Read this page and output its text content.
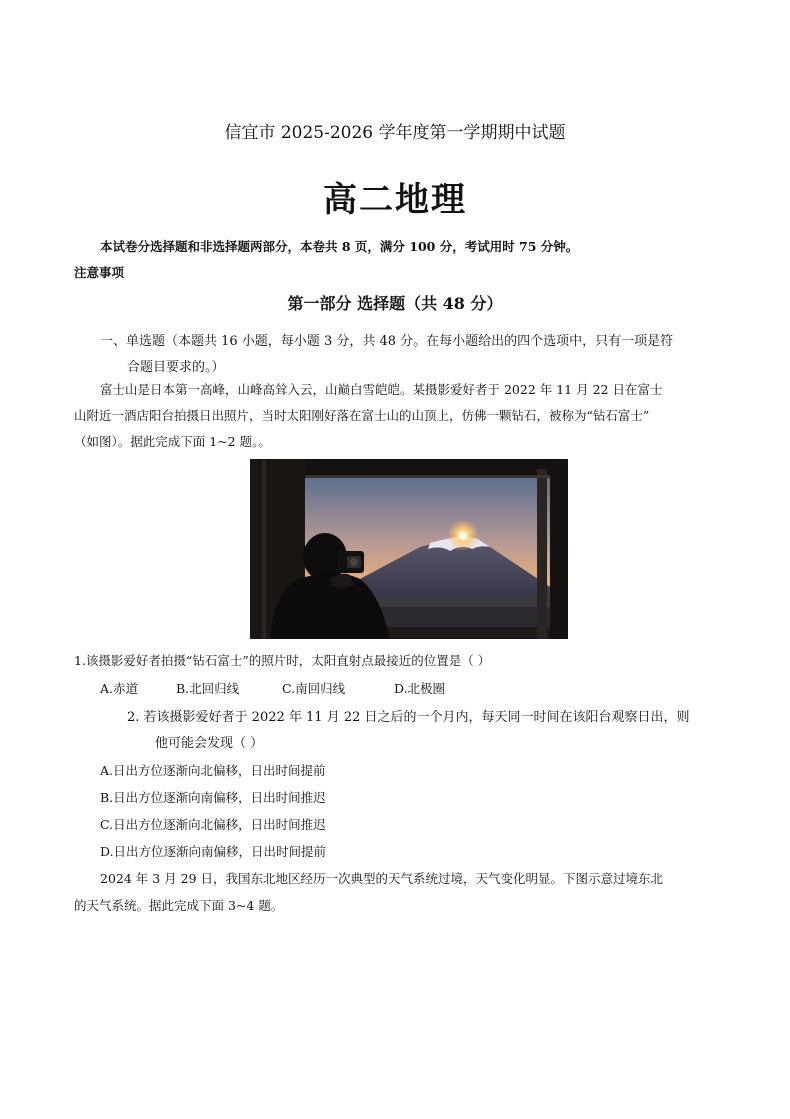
信宜市 2025-2026 学年度第一学期期中试题
高二地理
本试卷分选择题和非选择题两部分，本卷共 8 页，满分 100 分，考试用时 75 分钟。
注意事项
第一部分 选择题（共 48 分）
一、单选题（本题共 16 小题，每小题 3 分，共 48 分。在每小题给出的四个选项中，只有一项是符
合题目要求的。）
富士山是日本第一高峰，山峰高耸入云，山巅白雪皑皑。某摄影爱好者于 2022 年 11 月 22 日在富士
山附近一酒店阳台拍摄日出照片，当时太阳刚好落在富士山的山顶上，仿佛一颗钻石，被称为“钻石富士”
（如图）。据此完成下面 1~2 题。。
1.该摄影爱好者拍摄“钻石富士”的照片时，太阳直射点最接近的位置是（ ）
A.赤道	B.北回归线	C.南回归线	D.北极圈
2. 若该摄影爱好者于 2022 年 11 月 22 日之后的一个月内，每天同一时间在该阳台观察日出，则
他可能会发现（ ）
A.日出方位逐渐向北偏移，日出时间提前
B.日出方位逐渐向南偏移，日出时间推迟
C.日出方位逐渐向北偏移，日出时间推迟
D.日出方位逐渐向南偏移，日出时间提前
2024 年 3 月 29 日，我国东北地区经历一次典型的天气系统过境，天气变化明显。下图示意过境东北
的天气系统。据此完成下面 3~4 题。
